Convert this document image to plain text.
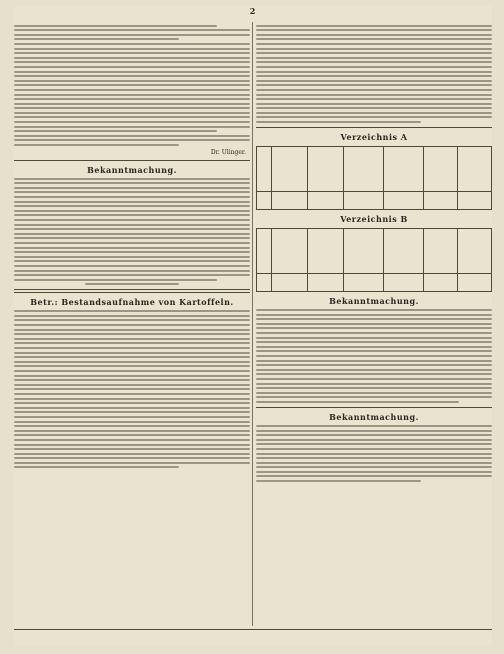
2
Dr. Ulinger.
Bekanntmachung.
Betr.: Bestandsaufnahme von Kartoffeln.
Verzeichnis A
Verzeichnis B
Bekanntmachung.
Bekanntmachung.
